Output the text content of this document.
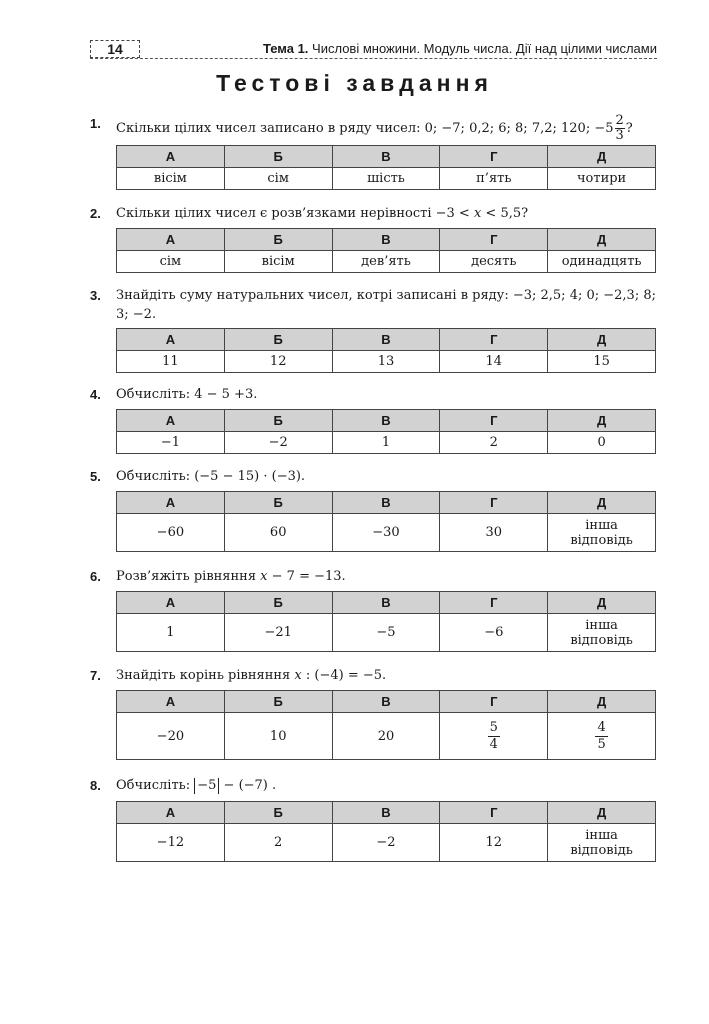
14	Тема 1. Числові множини. Модуль числа. Дії над цілими числами
Тестові завдання
1.	Скільки цілих чисел записано в ряду чисел: 0; −7; 0,2; 6; 8; 7,2; 120; $-5 \frac{2}{3}$ ?
А	Б	В	Г	Д
вісім	сім	шість	п’ять	чотири
2.	Скільки цілих чисел є розв’язками нерівності −3 < x < 5,5?
А	Б	В	Г	Д
сім	вісім	дев’ять	десять	одинадцять
3.	Знайдіть суму натуральних чисел, котрі записані в ряду: −3; 2,5; 4; 0; −2,3; 8; 3; −2.
А	Б	В	Г	Д
11	12	13	14	15
4.	Обчисліть: 4 − 5 +3.
А	Б	В	Г	Д
−1	−2	1	2	0
5.	Обчисліть: (−5 − 15) · (−3).
А	Б	В	Г	Д
−60	60	−30	30	інша відповідь
6.	Розв’яжіть рівняння x − 7 = −13.
А	Б	В	Г	Д
1	−21	−5	−6	інша відповідь
7.	Знайдіть корінь рівняння x : (−4) = −5.
А	Б	В	Г	Д
−20	10	20	$\frac{5}{4}$	$\frac{4}{5}$
8.	Обчисліть: −5 − (−7) .
А	Б	В	Г	Д
−12	2	−2	12	інша відповідь
